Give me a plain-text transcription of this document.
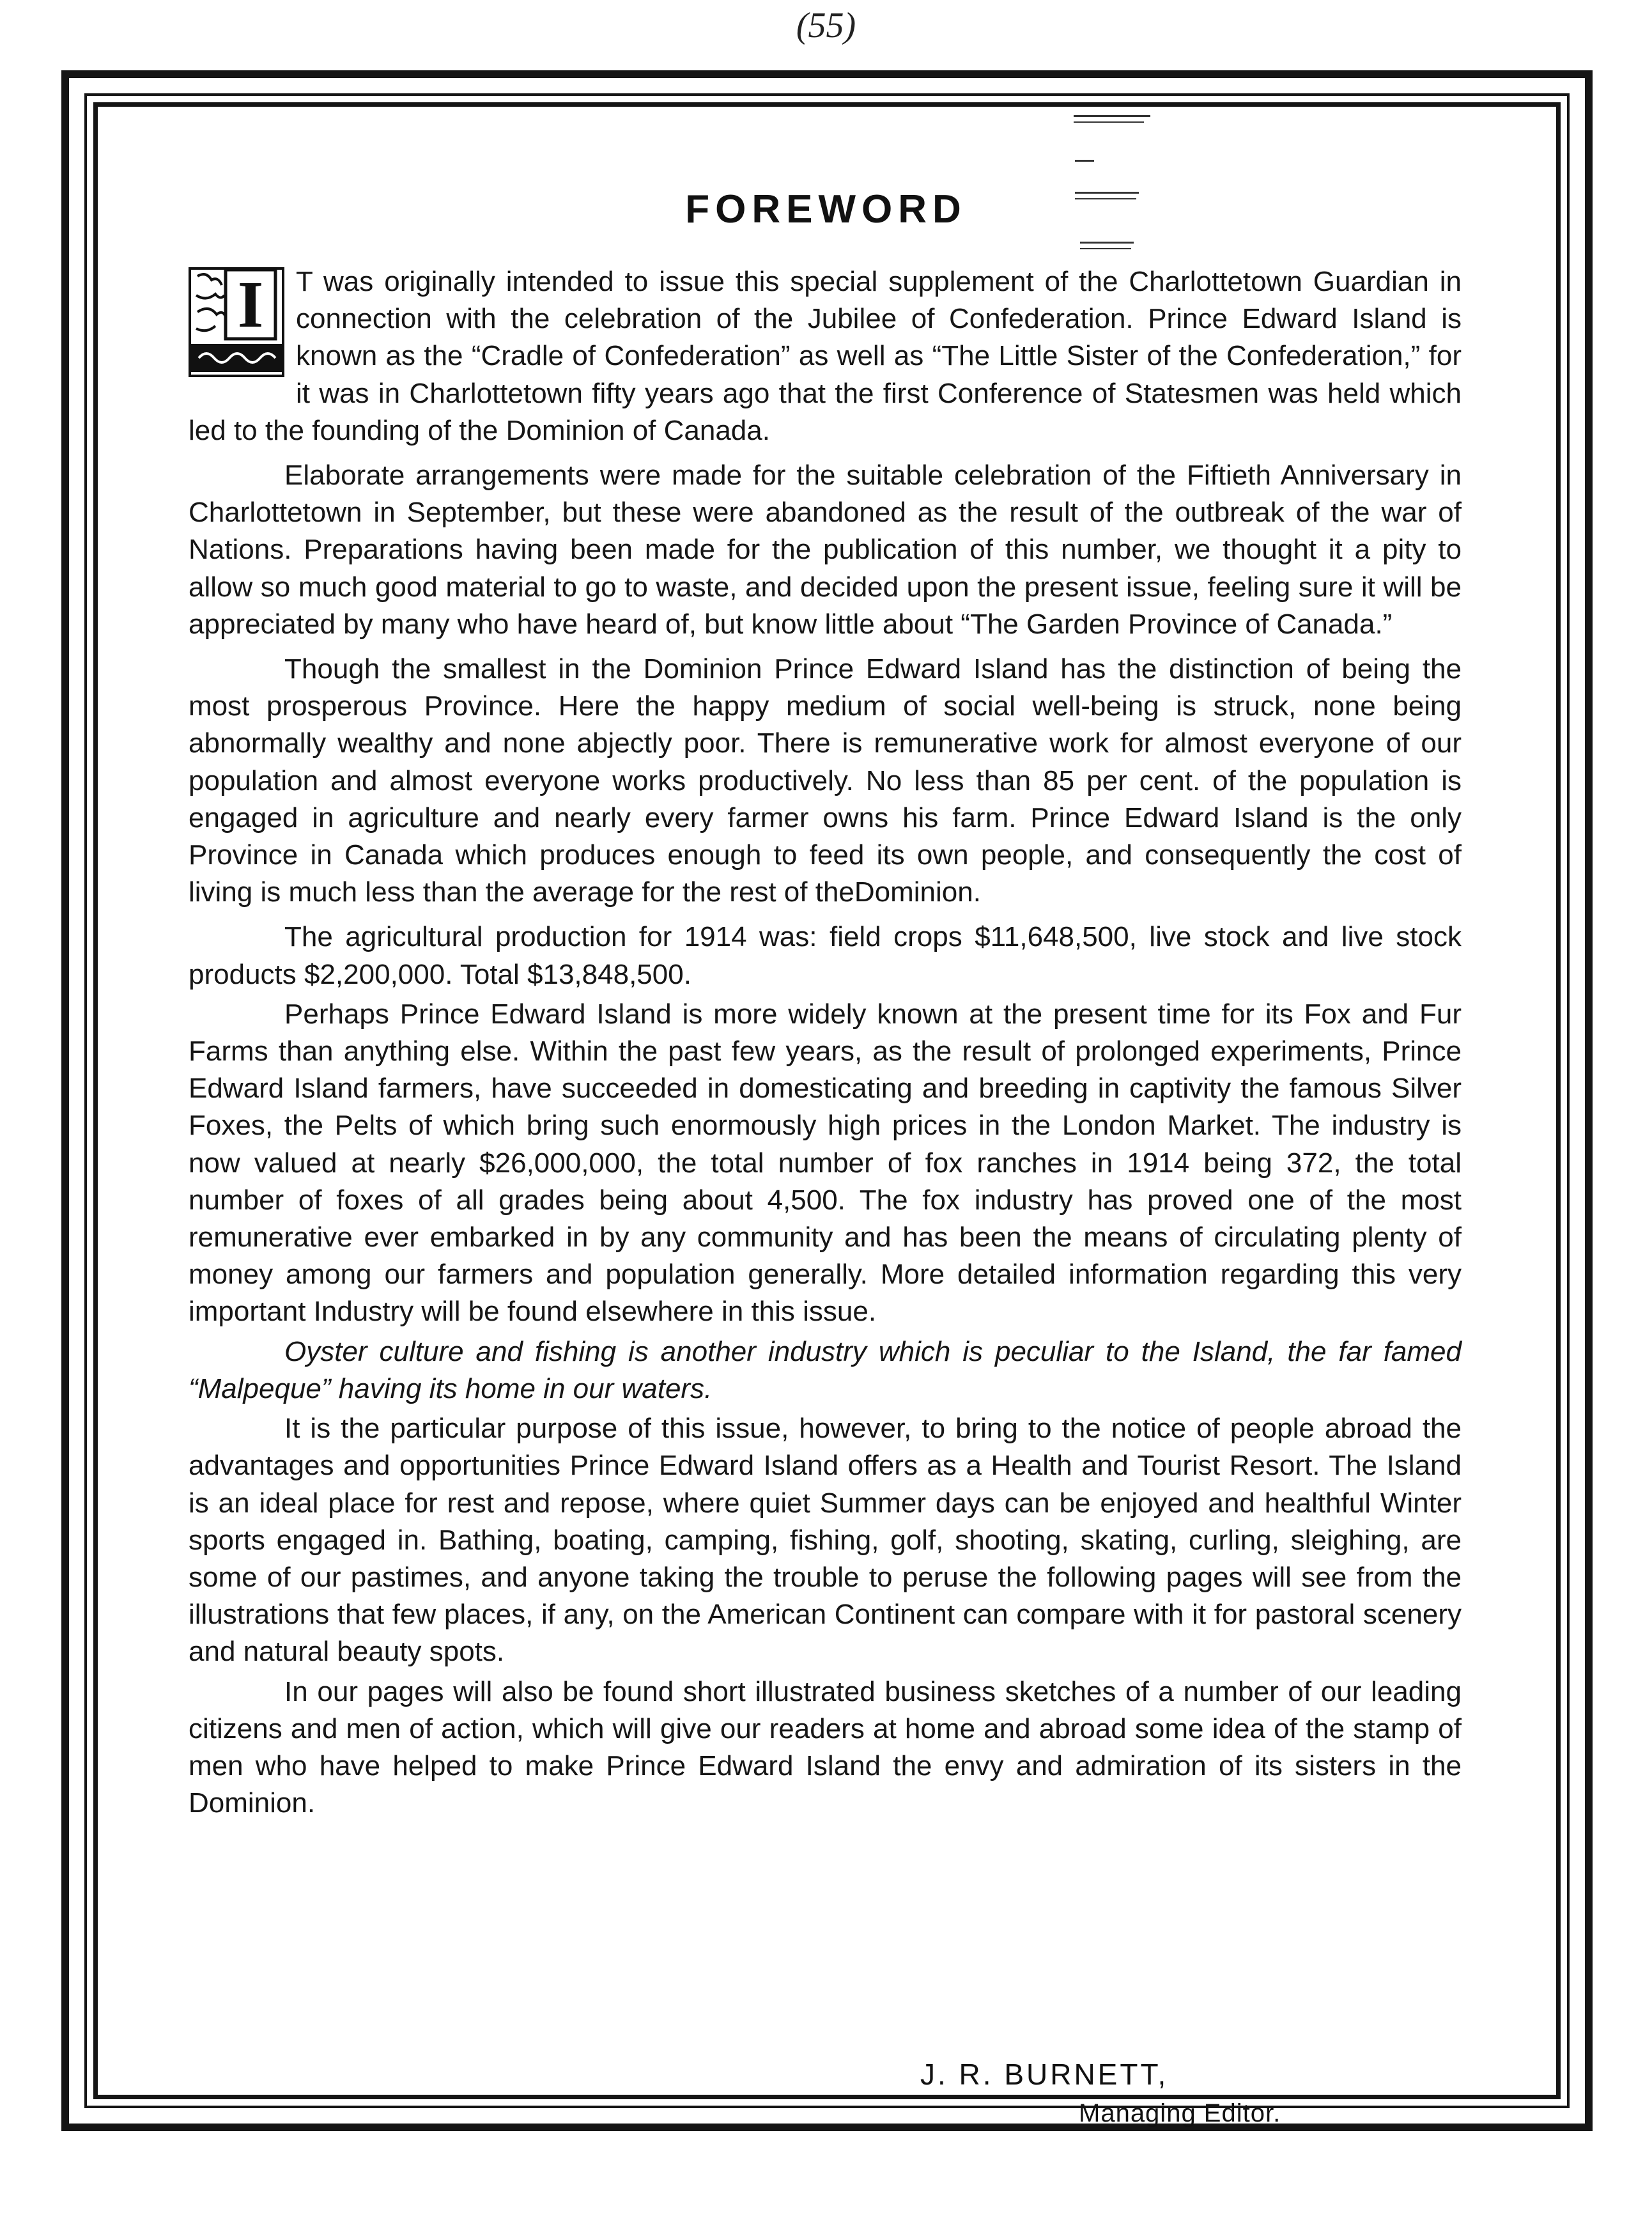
(55)
FOREWORD

I	T was originally intended to issue this special supplement of the Charlottetown Guardian in connection with the celebration of the Jubilee of Confederation. Prince Edward Island is known as the “Cradle of Confederation” as well as “The Little Sister of the Confederation,” for it was in Charlottetown fifty years ago that the first Conference of Statesmen was held which led to the founding of the Dominion of Canada.

Elaborate arrangements were made for the suitable celebration of the Fiftieth Anniversary in Charlottetown in September, but these were abandoned as the result of the outbreak of the war of Nations. Preparations having been made for the publication of this number, we thought it a pity to allow so much good material to go to waste, and decided upon the present issue, feeling sure it will be appreciated by many who have heard of, but know little about “The Garden Province of Canada.”

Though the smallest in the Dominion Prince Edward Island has the distinction of being the most prosperous Province. Here the happy medium of social well-being is struck, none being abnormally wealthy and none abjectly poor. There is remunerative work for almost everyone of our population and almost everyone works productively. No less than 85 per cent. of the population is engaged in agriculture and nearly every farmer owns his farm. Prince Edward Island is the only Province in Canada which produces enough to feed its own people, and consequently the cost of living is much less than the average for the rest of theDominion.

The agricultural production for 1914 was: field crops $11,648,500, live stock and live stock products $2,200,000. Total $13,848,500.

Perhaps Prince Edward Island is more widely known at the present time for its Fox and Fur Farms than anything else. Within the past few years, as the result of prolonged experiments, Prince Edward Island farmers, have succeeded in domesticating and breeding in captivity the famous Silver Foxes, the Pelts of which bring such enormously high prices in the London Market. The industry is now valued at nearly $26,000,000, the total number of fox ranches in 1914 being 372, the total number of foxes of all grades being about 4,500. The fox industry has proved one of the most remunerative ever embarked in by any community and has been the means of circulating plenty of money among our farmers and population generally. More detailed information regarding this very important Industry will be found elsewhere in this issue.

Oyster culture and fishing is another industry which is peculiar to the Island, the far famed “Malpeque” having its home in our waters.

It is the particular purpose of this issue, however, to bring to the notice of people abroad the advantages and opportunities Prince Edward Island offers as a Health and Tourist Resort. The Island is an ideal place for rest and repose, where quiet Summer days can be enjoyed and healthful Winter sports engaged in. Bathing, boating, camping, fishing, golf, shooting, skating, curling, sleighing, are some of our pastimes, and anyone taking the trouble to peruse the following pages will see from the illustrations that few places, if any, on the American Continent can compare with it for pastoral scenery and natural beauty spots.

In our pages will also be found short illustrated business sketches of a number of our leading citizens and men of action, which will give our readers at home and abroad some idea of the stamp of men who have helped to make Prince Edward Island the envy and admiration of its sisters in the Dominion.

J. R. BURNETT,
Managing Editor.
